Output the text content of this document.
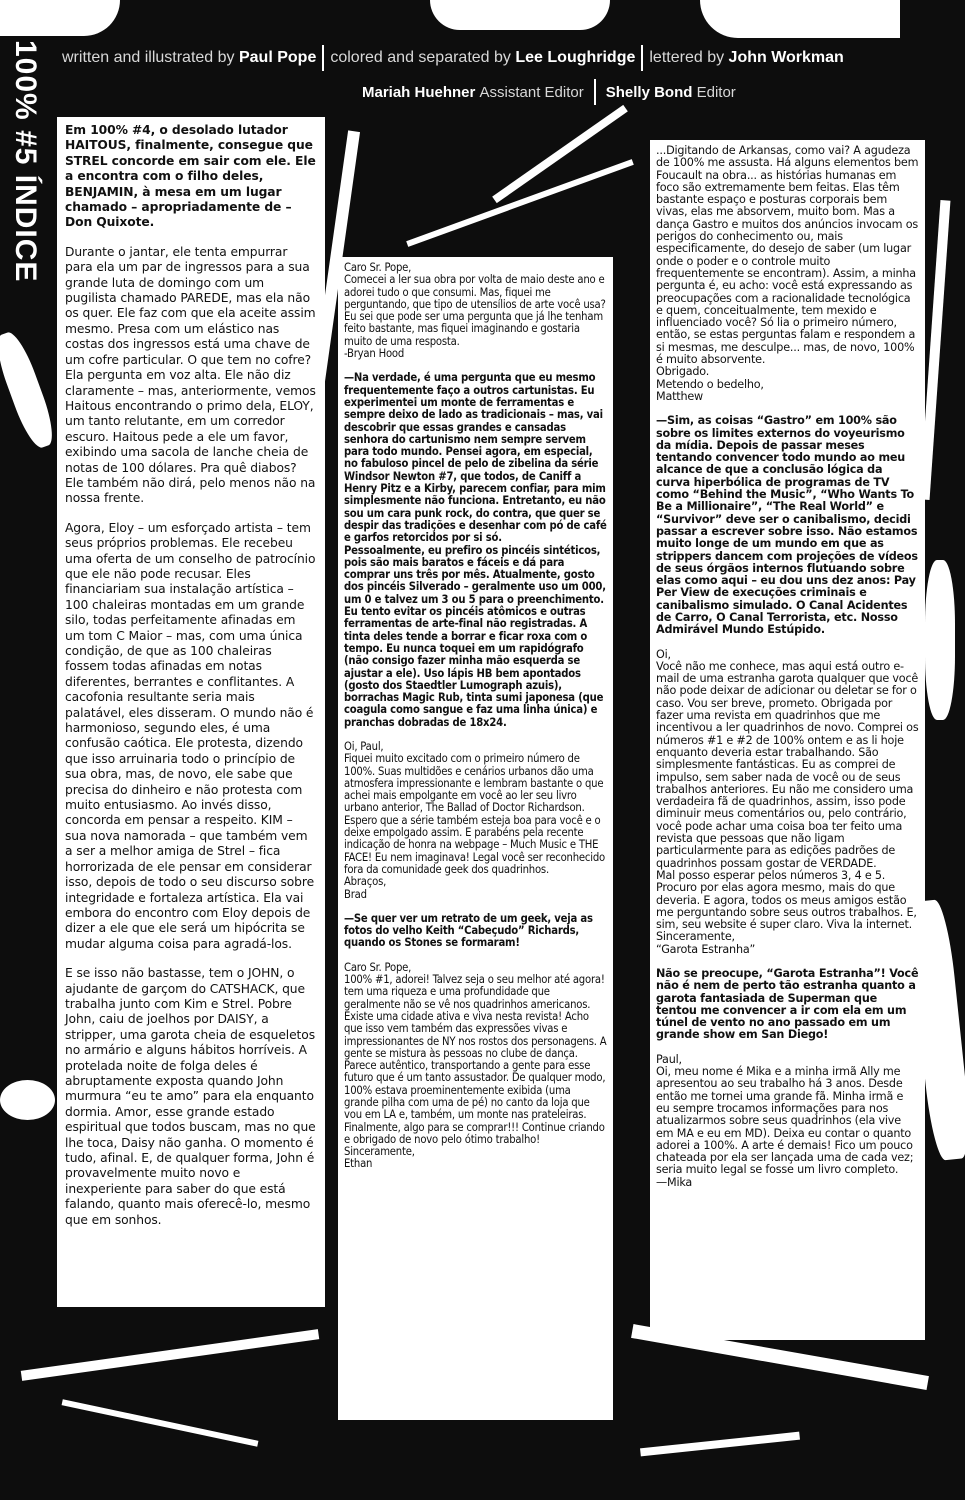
100% #5 ÍNDICE written and illustrated by
Paul Pope colored and separated by
Lee Loughridge lettered by
John Workman
Mariah Huehner
Assistant Editor Shelly Bond
Editor

Em 100% #4, o desolado lutador HAITOUS, finalmente, consegue que STREL concorde em sair com ele. Ele a encontra com o filho deles, BENJAMIN, à mesa em um lugar chamado – apropriadamente de – Don Quixote.

Durante o jantar, ele tenta empurrar para ela um par de ingressos para a sua grande luta de domingo com um pugilista chamado PAREDE, mas ela não os quer. Ele faz com que ela aceite assim mesmo. Presa com um elástico nas costas dos ingressos está uma chave de um cofre particular. O que tem no cofre? Ela pergunta em voz alta. Ele não diz claramente – mas, anteriormente, vemos Haitous encontrando o primo dela, ELOY, um tanto relutante, em um corredor escuro. Haitous pede a ele um favor, exibindo uma sacola de lanche cheia de notas de 100 dólares. Pra quê diabos? Ele também não dirá, pelo menos não na nossa frente.

Agora, Eloy – um esforçado artista – tem seus próprios problemas. Ele recebeu uma oferta de um conselho de patrocínio que ele não pode recusar. Eles financiariam sua instalação artística – 100 chaleiras montadas em um grande silo, todas perfeitamente afinadas em um tom C Maior – mas, com uma única condição, de que as 100 chaleiras fossem todas afinadas em notas diferentes, berrantes e conflitantes. A cacofonia resultante seria mais palatável, eles disseram. O mundo não é harmonioso, segundo eles, é uma confusão caótica. Ele protesta, dizendo que isso arruinaria todo o princípio de sua obra, mas, de novo, ele sabe que precisa do dinheiro e não protesta com muito entusiasmo. Ao invés disso, concorda em pensar a respeito. KIM – sua nova namorada – que também vem a ser a melhor amiga de Strel – fica horrorizada de ele pensar em considerar isso, depois de todo o seu discurso sobre integridade e fortaleza artística. Ela vai embora do encontro com Eloy depois de dizer a ele que ele será um hipócrita se mudar alguma coisa para agradá-los.

E se isso não bastasse, tem o JOHN, o ajudante de garçom do CATSHACK, que trabalha junto com Kim e Strel. Pobre John, caiu de joelhos por DAISY, a stripper, uma garota cheia de esqueletos no armário e alguns hábitos horríveis. A protelada noite de folga deles é abruptamente exposta quando John murmura “eu te amo” para ela enquanto dormia. Amor, esse grande estado espiritual que todos buscam, mas no que lhe toca, Daisy não ganha. O momento é tudo, afinal. E, de qualquer forma, John é provavelmente muito novo e inexperiente para saber do que está falando, quanto mais oferecê-lo, mesmo que em sonhos.

Caro Sr. Pope,
Comecei a ler sua obra por volta de maio deste ano e adorei tudo o que consumi. Mas, fiquei me perguntando, que tipo de utensílios de arte você usa? Eu sei que pode ser uma pergunta que já lhe tenham feito bastante, mas fiquei imaginando e gostaria muito de uma resposta.
-Bryan Hood

—Na verdade, é uma pergunta que eu mesmo frequentemente faço a outros cartunistas. Eu experimentei um monte de ferramentas e sempre deixo de lado as tradicionais – mas, vai descobrir que essas grandes e cansadas senhora do cartunismo nem sempre servem para todo mundo. Pensei agora, em especial, no fabuloso pincel de pelo de zibelina da série Windsor Newton #7, que todos, de Caniff a Henry Pitz e a Kirby, parecem confiar, para mim simplesmente não funciona. Entretanto, eu não sou um cara punk rock, do contra, que quer se despir das tradições e desenhar com pó de café e garfos retorcidos por si só.
Pessoalmente, eu prefiro os pincéis sintéticos, pois são mais baratos e fáceis e dá para comprar uns três por mês. Atualmente, gosto dos pincéis Silverado – geralmente uso um 000, um 0 e talvez um 3 ou 5 para o preenchimento. Eu tento evitar os pincéis atômicos e outras ferramentas de arte-final não registradas. A tinta deles tende a borrar e ficar roxa com o tempo. Eu nunca toquei em um rapidógrafo (não consigo fazer minha mão esquerda se ajustar a ele). Uso lápis HB bem apontados (gosto dos Staedtler Lumograph azuis), borrachas Magic Rub, tinta sumi japonesa (que coagula como sangue e faz uma linha única) e pranchas dobradas de 18x24.

Oi, Paul,
Fiquei muito excitado com o primeiro número de 100%. Suas multidões e cenários urbanos dão uma atmosfera impressionante e lembram bastante o que achei mais empolgante em você ao ler seu livro urbano anterior, The Ballad of Doctor Richardson. Espero que a série também esteja boa para você e o deixe empolgado assim. E parabéns pela recente indicação de honra na webpage – Much Music e THE FACE! Eu nem imaginava! Legal você ser reconhecido fora da comunidade geek dos quadrinhos.
Abraços,
Brad

—Se quer ver um retrato de um geek, veja as fotos do velho Keith “Cabeçudo” Richards, quando os Stones se formaram!

Caro Sr. Pope,
100% #1, adorei! Talvez seja o seu melhor até agora! tem uma riqueza e uma profundidade que geralmente não se vê nos quadrinhos americanos. Existe uma cidade ativa e viva nesta revista! Acho que isso vem também das expressões vivas e impressionantes de NY nos rostos dos personagens. A gente se mistura às pessoas no clube de dança. Parece autêntico, transportando a gente para esse futuro que é um tanto assustador. De qualquer modo, 100% estava proeminentemente exibida (uma grande pilha com uma de pé) no canto da loja que vou em LA e, também, um monte nas prateleiras. Finalmente, algo para se comprar!!! Continue criando e obrigado de novo pelo ótimo trabalho!
Sinceramente,
Ethan

...Digitando de Arkansas, como vai? A agudeza de 100% me assusta. Há alguns elementos bem Foucault na obra... as histórias humanas em foco são extremamente bem feitas. Elas têm bastante espaço e posturas corporais bem vivas, elas me absorvem, muito bom. Mas a dança Gastro e muitos dos anúncios invocam os perigos do conhecimento ou, mais especificamente, do desejo de saber (um lugar onde o poder e o controle muito frequentemente se encontram). Assim, a minha pergunta é, eu acho: você está expressando as preocupações com a racionalidade tecnológica e quem, conceitualmente, tem mexido e influenciado você? Só lia o primeiro número, então, se estas perguntas falam e respondem a si mesmas, me desculpe... mas, de novo, 100% é muito absorvente.
Obrigado.
Metendo o bedelho,
Matthew

—Sim, as coisas “Gastro” em 100% são sobre os limites externos do voyeurismo da mídia. Depois de passar meses tentando convencer todo mundo ao meu alcance de que a conclusão lógica da curva hiperbólica de programas de TV como “Behind the Music”, “Who Wants To Be a Millionaire”, “The Real World” e “Survivor” deve ser o canibalismo, decidi passar a escrever sobre isso. Não estamos muito longe de um mundo em que as strippers dancem com projeções de vídeos de seus órgãos internos flutuando sobre elas como aqui – eu dou uns dez anos: Pay Per View de execuções criminais e canibalismo simulado. O Canal Acidentes de Carro, O Canal Terrorista, etc. Nosso Admirável Mundo Estúpido.

Oi,
Você não me conhece, mas aqui está outro e-mail de uma estranha garota qualquer que você não pode deixar de adicionar ou deletar se for o caso. Vou ser breve, prometo. Obrigada por fazer uma revista em quadrinhos que me incentivou a ler quadrinhos de novo. Comprei os números #1 e #2 de 100% ontem e as li hoje enquanto deveria estar trabalhando. São simplesmente fantásticas. Eu as comprei de impulso, sem saber nada de você ou de seus trabalhos anteriores. Eu não me considero uma verdadeira fã de quadrinhos, assim, isso pode diminuir meus comentários ou, pelo contrário, você pode achar uma coisa boa ter feito uma revista que pessoas que não ligam particularmente para as edições padrões de quadrinhos possam gostar de VERDADE.
Mal posso esperar pelos números 3, 4 e 5. Procuro por elas agora mesmo, mais do que deveria. E agora, todos os meus amigos estão me perguntando sobre seus outros trabalhos. E, sim, seu website é super claro. Viva la internet.
Sinceramente,
“Garota Estranha”

Não se preocupe, “Garota Estranha”! Você não é nem de perto tão estranha quanto a garota fantasiada de Superman que tentou me convencer a ir com ela em um túnel de vento no ano passado em um grande show em San Diego!

Paul,
Oi, meu nome é Mika e a minha irmã Ally me apresentou ao seu trabalho há 3 anos. Desde então me tornei uma grande fã. Minha irmã e eu sempre trocamos informações para nos atualizarmos sobre seus quadrinhos (ela vive em MA e eu em MD). Deixa eu contar o quanto adorei a 100%. A arte é demais! Fico um pouco chateada por ela ser lançada uma de cada vez; seria muito legal se fosse um livro completo.
—Mika
